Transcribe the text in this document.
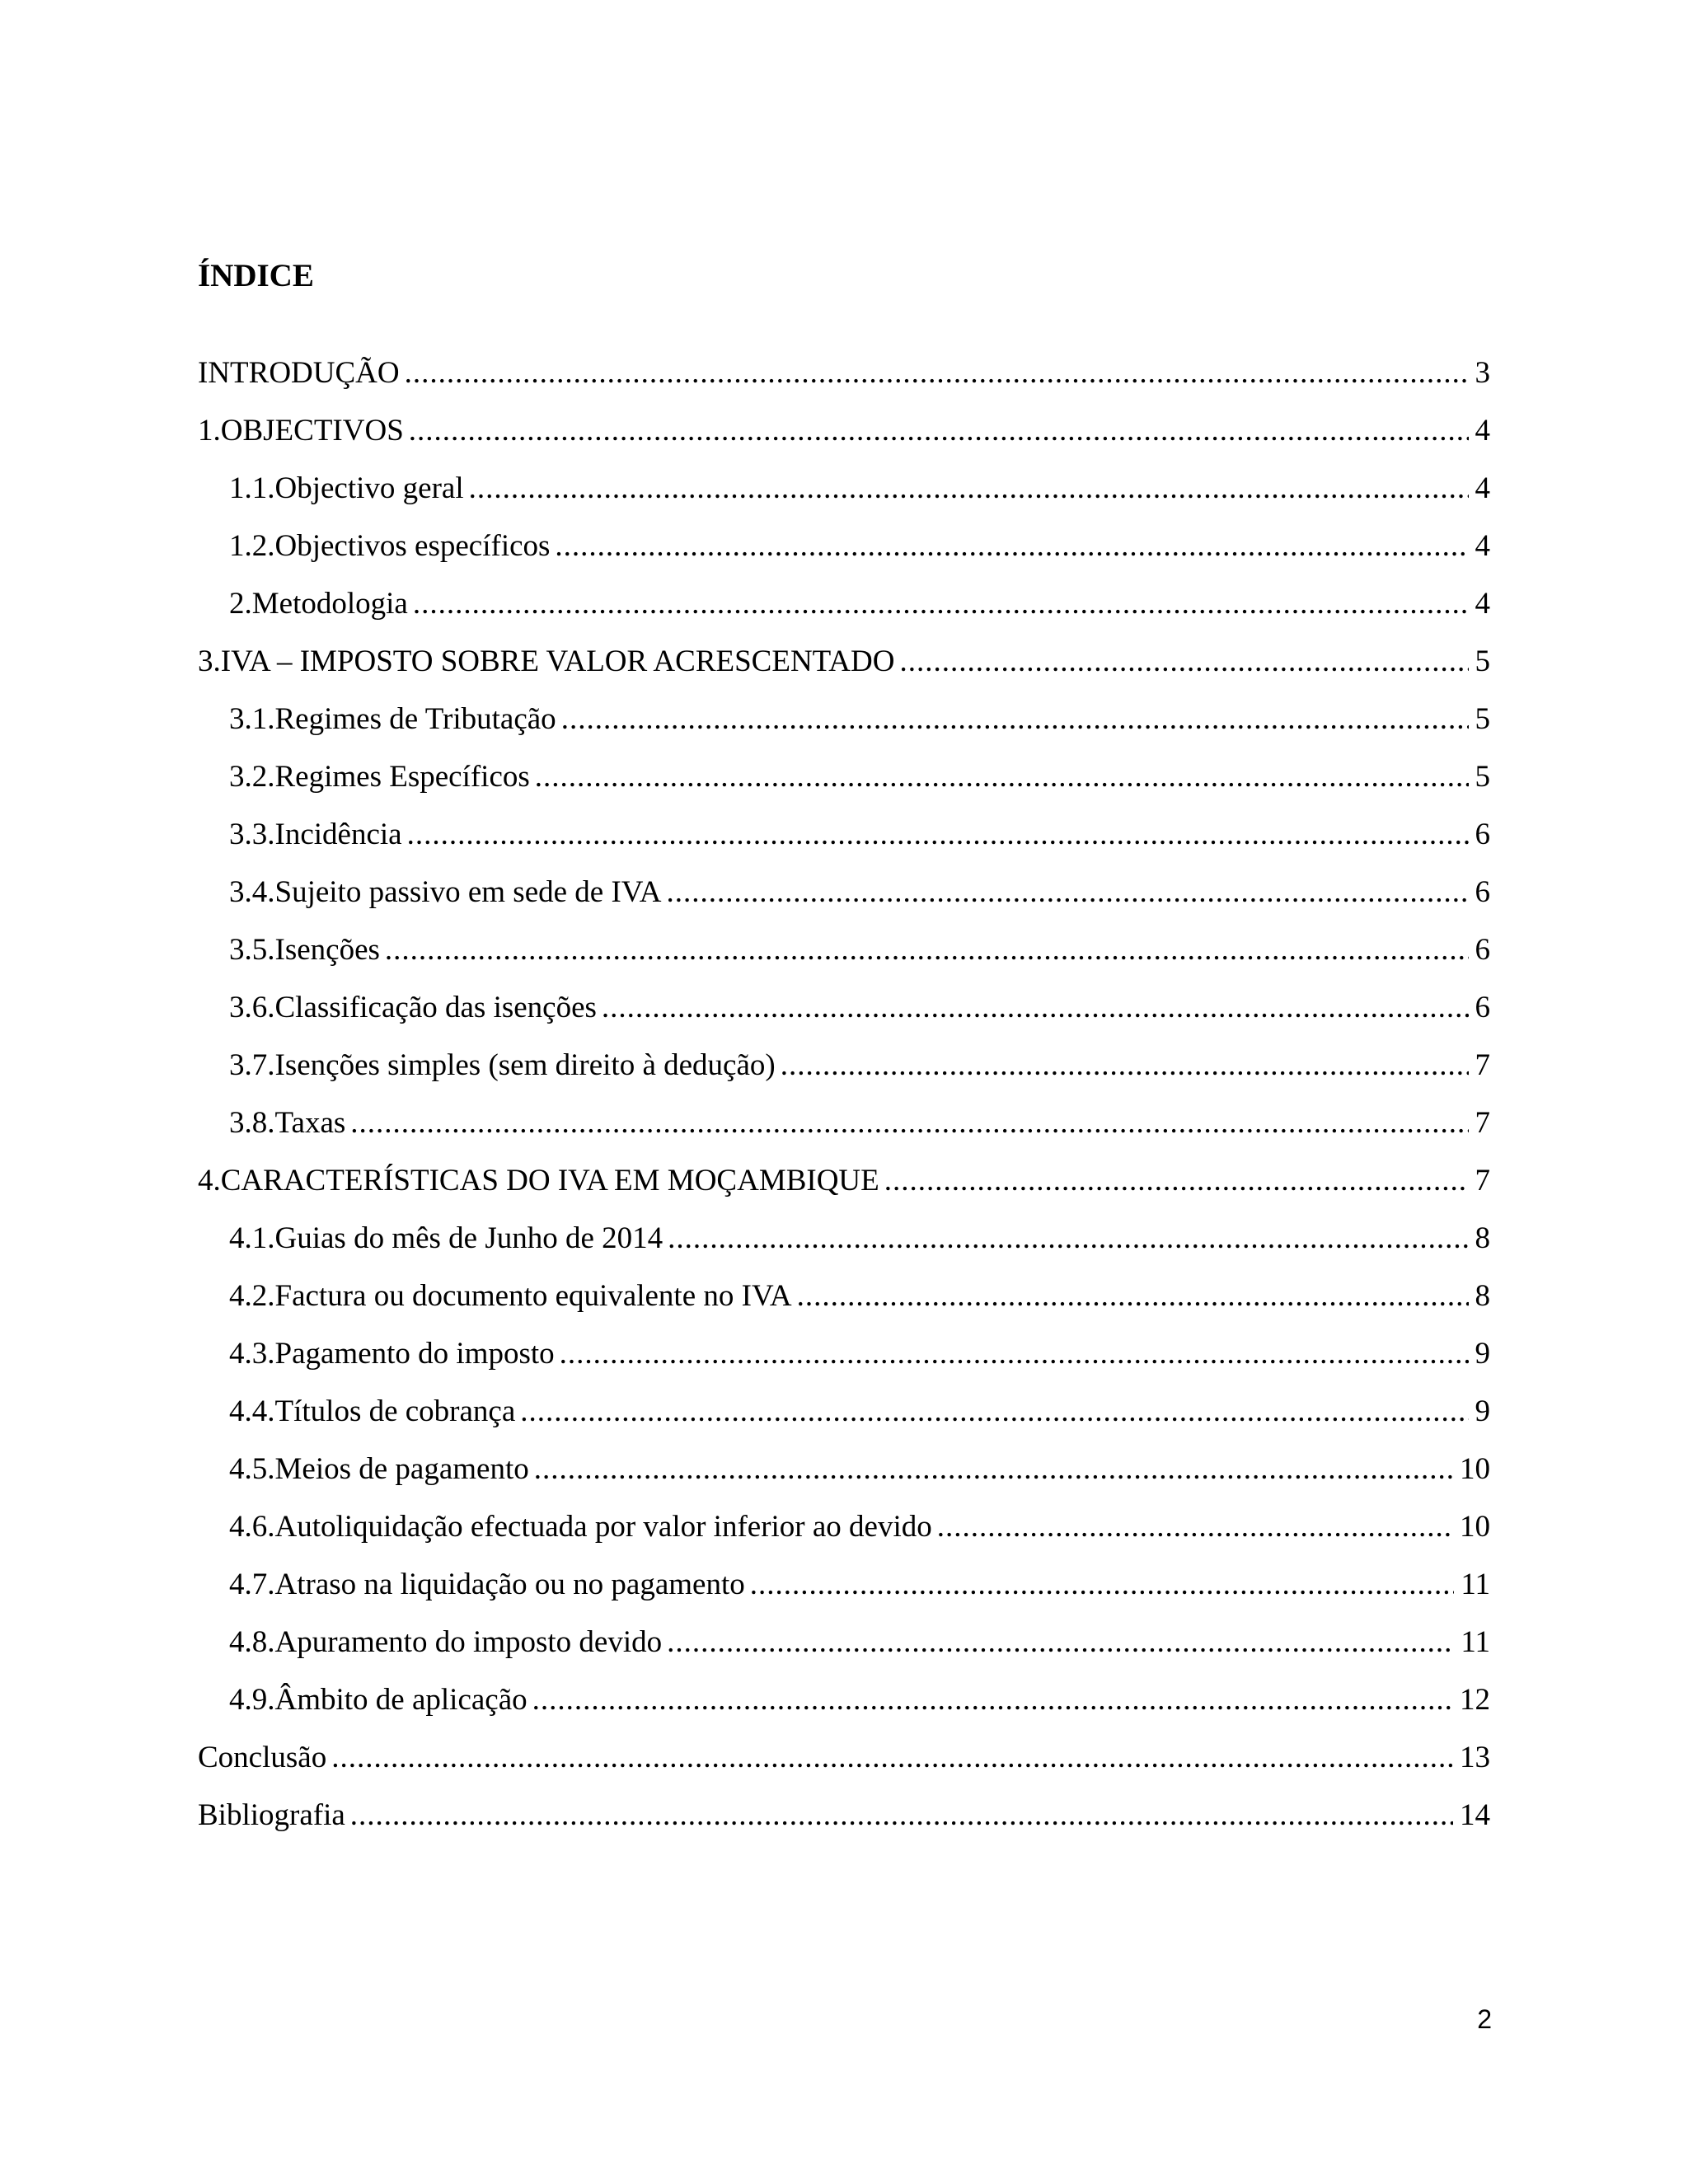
ÍNDICE
INTRODUÇÃO .....	3
1.OBJECTIVOS .....	4
1.1.Objectivo geral .....	4
1.2.Objectivos específicos .....	4
2.Metodologia .....	4
3.IVA – IMPOSTO SOBRE VALOR ACRESCENTADO .....	5
3.1.Regimes de Tributação .....	5
3.2.Regimes Específicos .....	5
3.3.Incidência .....	6
3.4.Sujeito passivo em sede de IVA .....	6
3.5.Isenções .....	6
3.6.Classificação das isenções .....	6
3.7.Isenções simples (sem direito à dedução) .....	7
3.8.Taxas .....	7
4.CARACTERÍSTICAS DO IVA EM MOÇAMBIQUE .....	7
4.1.Guias do mês de Junho de 2014 .....	8
4.2.Factura ou documento equivalente no IVA .....	8
4.3.Pagamento do imposto .....	9
4.4.Títulos de cobrança .....	9
4.5.Meios de pagamento .....	10
4.6.Autoliquidação efectuada por valor inferior ao devido .....	10
4.7.Atraso na liquidação ou no pagamento .....	11
4.8.Apuramento do imposto devido .....	11
4.9.Âmbito de aplicação .....	12
Conclusão .....	13
Bibliografia .....	14
2
